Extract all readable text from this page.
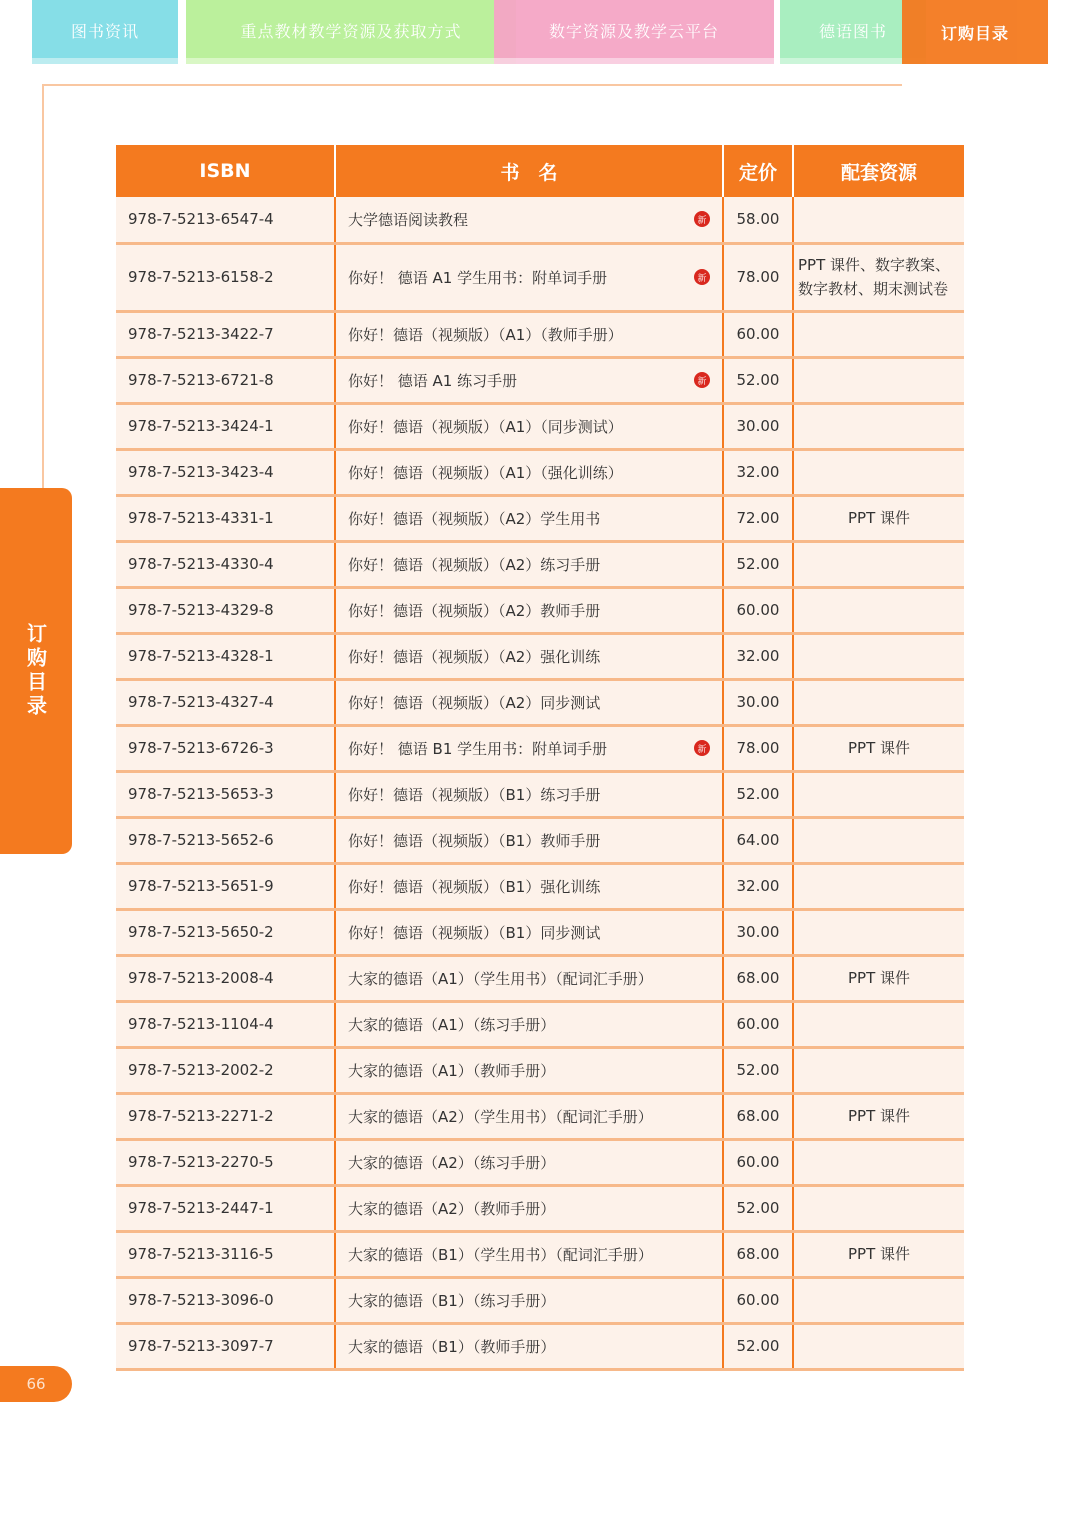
图书资讯	重点教材教学资源及获取方式	数字资源及教学云平台	德语图书	订购目录
订购目录
66
ISBN	书　名	定价	配套资源
978-7-5213-6547-4	大学德语阅读教程 新	58.00	
978-7-5213-6158-2	你好！ 德语 A1 学生用书：附单词手册 新	78.00	PPT 课件、数字教案、数字教材、期末测试卷
978-7-5213-3422-7	你好！德语（视频版）（A1）（教师手册）	60.00	
978-7-5213-6721-8	你好！ 德语 A1 练习手册 新	52.00	
978-7-5213-3424-1	你好！德语（视频版）（A1）（同步测试）	30.00	
978-7-5213-3423-4	你好！德语（视频版）（A1）（强化训练）	32.00	
978-7-5213-4331-1	你好！德语（视频版）（A2）学生用书	72.00	PPT 课件
978-7-5213-4330-4	你好！德语（视频版）（A2）练习手册	52.00	
978-7-5213-4329-8	你好！德语（视频版）（A2）教师手册	60.00	
978-7-5213-4328-1	你好！德语（视频版）（A2）强化训练	32.00	
978-7-5213-4327-4	你好！德语（视频版）（A2）同步测试	30.00	
978-7-5213-6726-3	你好！ 德语 B1 学生用书：附单词手册 新	78.00	PPT 课件
978-7-5213-5653-3	你好！德语（视频版）（B1）练习手册	52.00	
978-7-5213-5652-6	你好！德语（视频版）（B1）教师手册	64.00	
978-7-5213-5651-9	你好！德语（视频版）（B1）强化训练	32.00	
978-7-5213-5650-2	你好！德语（视频版）（B1）同步测试	30.00	
978-7-5213-2008-4	大家的德语（A1）（学生用书）（配词汇手册）	68.00	PPT 课件
978-7-5213-1104-4	大家的德语（A1）（练习手册）	60.00	
978-7-5213-2002-2	大家的德语（A1）（教师手册）	52.00	
978-7-5213-2271-2	大家的德语（A2）（学生用书）（配词汇手册）	68.00	PPT 课件
978-7-5213-2270-5	大家的德语（A2）（练习手册）	60.00	
978-7-5213-2447-1	大家的德语（A2）（教师手册）	52.00	
978-7-5213-3116-5	大家的德语（B1）（学生用书）（配词汇手册）	68.00	PPT 课件
978-7-5213-3096-0	大家的德语（B1）（练习手册）	60.00	
978-7-5213-3097-7	大家的德语（B1）（教师手册）	52.00	
